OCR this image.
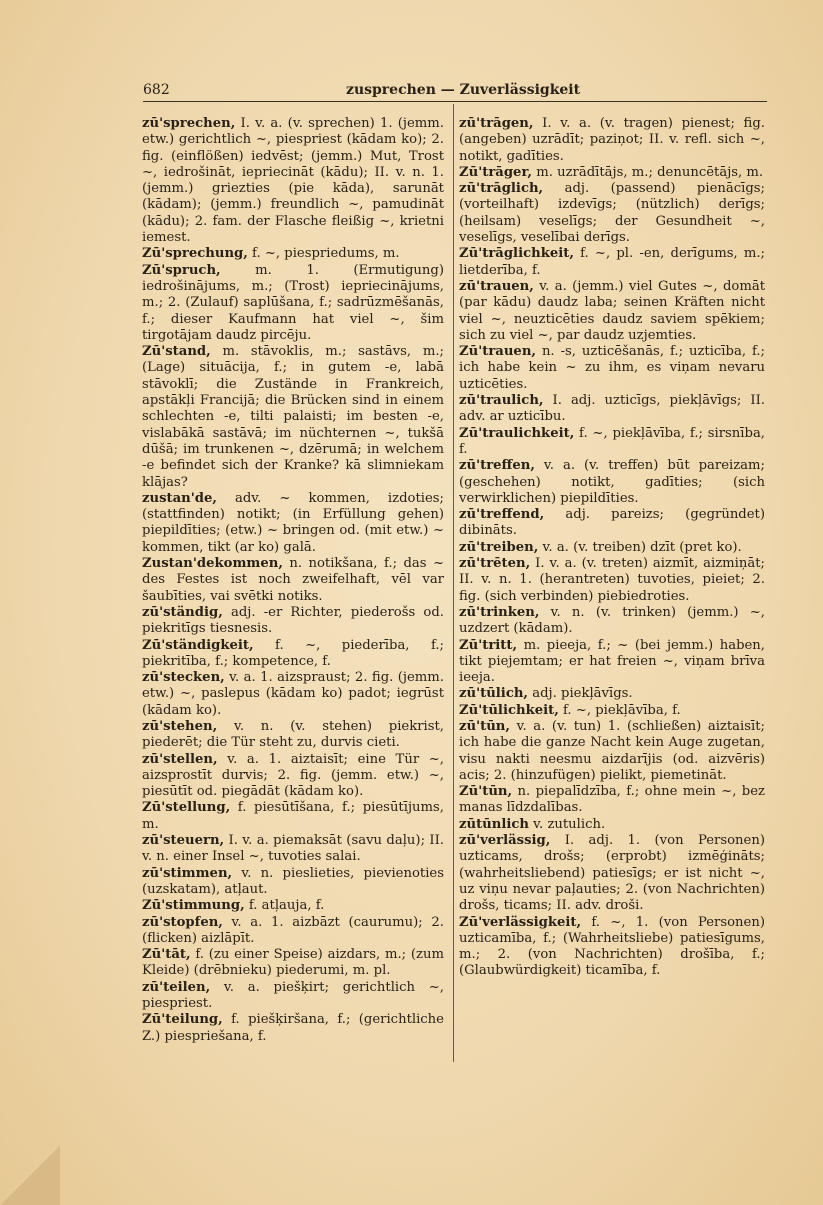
682	zusprechen — Zuverlässigkeit

zū'sprechen, I. v. a. (v. sprechen) 1. (jemm. etw.) gerichtlich ~, piespriest (kādam ko); 2. fig. (einflößen) iedvēst; (jemm.) Mut, Trost ~, iedrošināt, iepriecināt (kādu); II. v. n. 1. (jemm.) griezties (pie kāda), sarunāt (kādam); (jemm.) freundlich ~, pamudināt (kādu); 2. fam. der Flasche fleißig ~, krietni iemest.

Zū'sprechung, f. ~, piespriedums, m.

Zū'spruch, m. 1. (Ermutigung) iedrošinājums, m.; (Trost) iepriecinājums, m.; 2. (Zulauf) saplūšana, f.; sadrūzmēšanās, f.; dieser Kaufmann hat viel ~, šim tirgotājam daudz pircēju.

Zū'stand, m. stāvoklis, m.; sastāvs, m.; (Lage) situācija, f.; in gutem -e, labā stāvoklī; die Zustände in Frankreich, apstākļi Francijā; die Brücken sind in einem schlechten -e, tilti palaisti; im besten -e, vislabākā sastāvā; im nüchternen ~, tukšā dūšā; im trunkenen ~, dzērumā; in welchem -e befindet sich der Kranke? kā slimniekam klājas?

zustan'de, adv. ~ kommen, izdoties; (stattfinden) notikt; (in Erfüllung gehen) piepildīties; (etw.) ~ bringen od. (mit etw.) ~ kommen, tikt (ar ko) galā.

Zustan'dekommen, n. notikšana, f.; das ~ des Festes ist noch zweifelhaft, vēl var šaubīties, vai svētki notiks.

zū'ständig, adj. -er Richter, piederošs od. piekritīgs tiesnesis.

Zū'ständigkeit, f. ~, piederība, f.; piekritība, f.; kompetence, f.

zū'stecken, v. a. 1. aizspraust; 2. fig. (jemm. etw.) ~, paslepus (kādam ko) padot; iegrūst (kādam ko).

zū'stehen, v. n. (v. stehen) piekrist, piederēt; die Tür steht zu, durvis cieti.

zū'stellen, v. a. 1. aiztaisīt; eine Tür ~, aizsprostīt durvis; 2. fig. (jemm. etw.) ~, piesūtīt od. piegādāt (kādam ko).

Zū'stellung, f. piesūtīšana, f.; piesūtījums, m.

zū'steuern, I. v. a. piemaksāt (savu daļu); II. v. n. einer Insel ~, tuvoties salai.

zū'stimmen, v. n. pieslieties, pievienoties (uzskatam), atļaut.

Zū'stimmung, f. atļauja, f.

zū'stopfen, v. a. 1. aizbāzt (caurumu); 2. (flicken) aizlāpīt.

Zū'tāt, f. (zu einer Speise) aizdars, m.; (zum Kleide) (drēbnieku) piederumi, m. pl.

zū'teilen, v. a. piešķirt; gerichtlich ~, piespriest.

Zū'teilung, f. piešķiršana, f.; (gerichtliche Z.) piespriešana, f.

zū'trāgen, I. v. a. (v. tragen) pienest; fig. (angeben) uzrādīt; paziņot; II. v. refl. sich ~, notikt, gadīties.

Zū'trāger, m. uzrādītājs, m.; denuncētājs, m.

zū'trāglich, adj. (passend) pienācīgs; (vorteilhaft) izdevīgs; (nützlich) derīgs; (heilsam) veselīgs; der Gesundheit ~, veselīgs, veselībai derīgs.

Zū'trāglichkeit, f. ~, pl. -en, derīgums, m.; lietderība, f.

zū'trauen, v. a. (jemm.) viel Gutes ~, domāt (par kādu) daudz laba; seinen Kräften nicht viel ~, neuzticēties daudz saviem spēkiem; sich zu viel ~, par daudz uzjemties.

Zū'trauen, n. -s, uzticēšanās, f.; uzticība, f.; ich habe kein ~ zu ihm, es viņam nevaru uzticēties.

zū'traulich, I. adj. uzticīgs, piekļāvīgs; II. adv. ar uzticību.

Zū'traulichkeit, f. ~, piekļāvība, f.; sirsnība, f.

zū'treffen, v. a. (v. treffen) būt pareizam; (geschehen) notikt, gadīties; (sich verwirklichen) piepildīties.

zū'treffend, adj. pareizs; (gegründet) dibināts.

zū'treiben, v. a. (v. treiben) dzīt (pret ko).

zū'trēten, I. v. a. (v. treten) aizmīt, aizmiņāt; II. v. n. 1. (herantreten) tuvoties, pieiet; 2. fig. (sich verbinden) piebiedroties.

zū'trinken, v. n. (v. trinken) (jemm.) ~, uzdzert (kādam).

Zū'tritt, m. pieeja, f.; ~ (bei jemm.) haben, tikt piejemtam; er hat freien ~, viņam brīva ieeja.

zū'tūlich, adj. piekļāvīgs.

Zū'tūlichkeit, f. ~, piekļāvība, f.

zū'tūn, v. a. (v. tun) 1. (schließen) aiztaisīt; ich habe die ganze Nacht kein Auge zugetan, visu nakti neesmu aizdarījis (od. aizvēris) acis; 2. (hinzufügen) pielikt, piemetināt.

Zū'tūn, n. piepalīdzība, f.; ohne mein ~, bez manas līdzdalības.

zūtūnlich v. zutulich.

zū'verlässig, I. adj. 1. (von Personen) uzticams, drošs; (erprobt) izmēģināts; (wahrheitsliebend) patiesīgs; er ist nicht ~, uz viņu nevar paļauties; 2. (von Nachrichten) drošs, ticams; II. adv. droši.

Zū'verlässigkeit, f. ~, 1. (von Personen) uzticamība, f.; (Wahrheitsliebe) patiesīgums, m.; 2. (von Nachrichten) drošība, f.; (Glaubwürdigkeit) ticamība, f.
